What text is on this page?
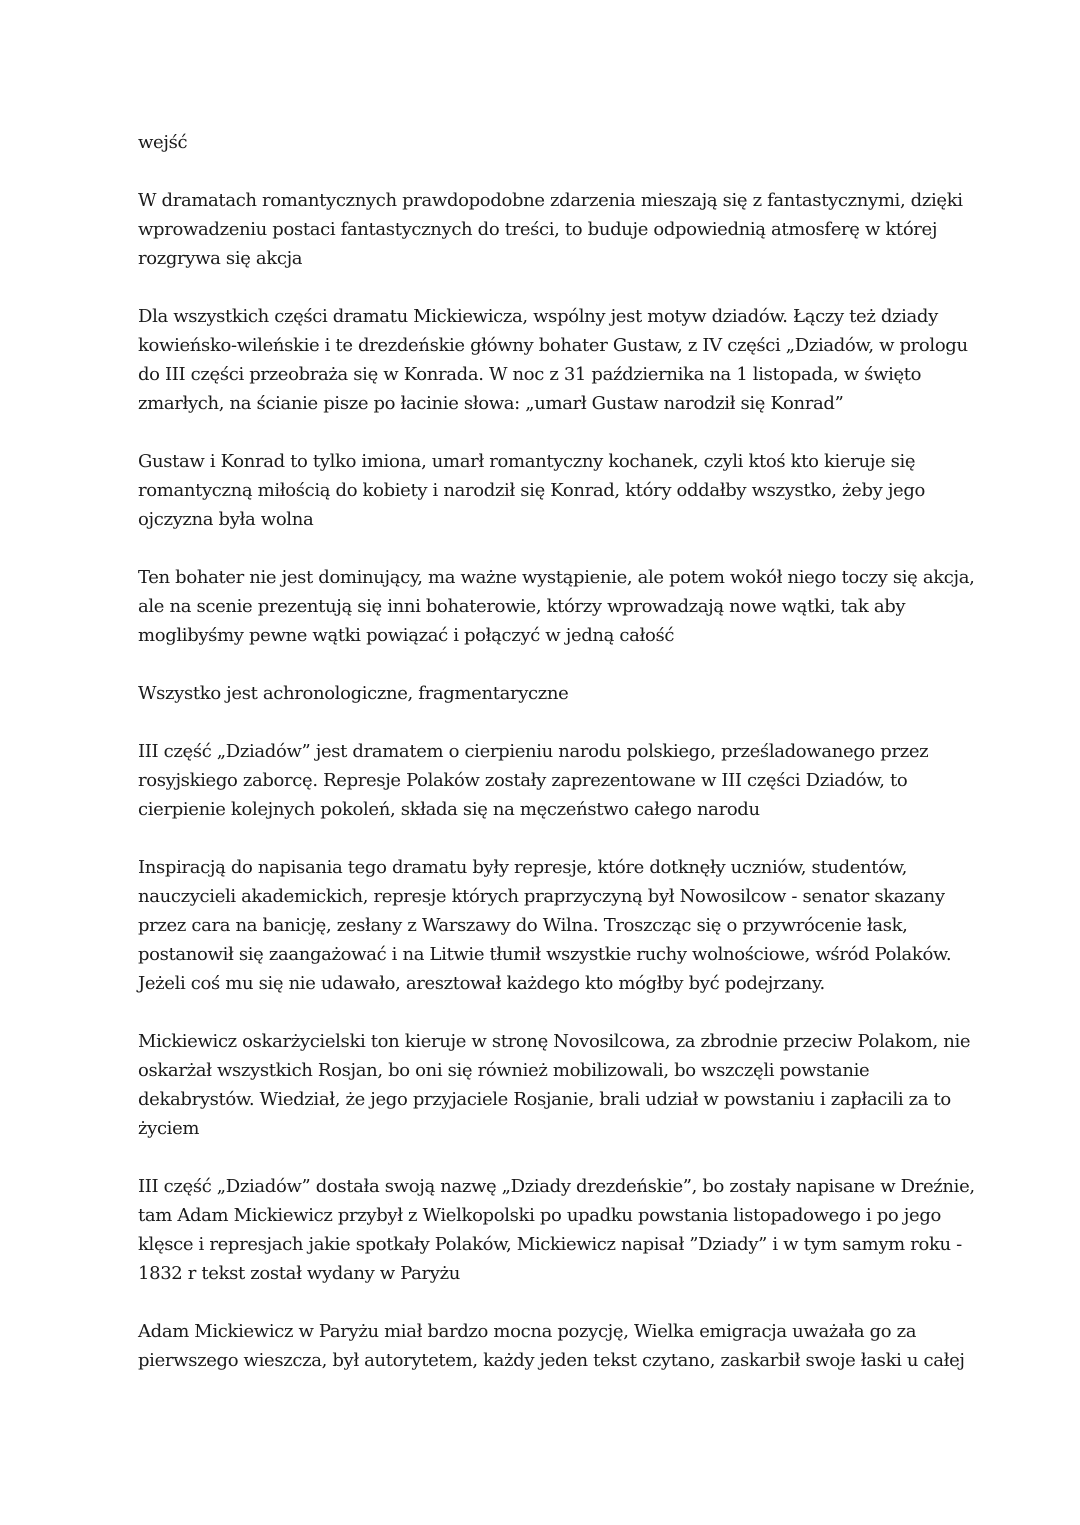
wejść

W dramatach romantycznych prawdopodobne zdarzenia mieszają się z fantastycznymi, dzięki
wprowadzeniu postaci fantastycznych do treści, to buduje odpowiednią atmosferę w której
rozgrywa się akcja

Dla wszystkich części dramatu Mickiewicza, wspólny jest motyw dziadów. Łączy też dziady
kowieńsko-wileńskie i te drezdeńskie główny bohater Gustaw, z IV części „Dziadów, w prologu
do III części przeobraża się w Konrada. W noc z 31 października na 1 listopada, w święto
zmarłych, na ścianie pisze po łacinie słowa: „umarł Gustaw narodził się Konrad”

Gustaw i Konrad to tylko imiona, umarł romantyczny kochanek, czyli ktoś kto kieruje się
romantyczną miłością do kobiety i narodził się Konrad, który oddałby wszystko, żeby jego
ojczyzna była wolna

Ten bohater nie jest dominujący, ma ważne wystąpienie, ale potem wokół niego toczy się akcja,
ale na scenie prezentują się inni bohaterowie, którzy wprowadzają nowe wątki, tak aby
moglibyśmy pewne wątki powiązać i połączyć w jedną całość

Wszystko jest achronologiczne, fragmentaryczne

III część „Dziadów” jest dramatem o cierpieniu narodu polskiego, prześladowanego przez
rosyjskiego zaborcę. Represje Polaków zostały zaprezentowane w III części Dziadów, to
cierpienie kolejnych pokoleń, składa się na męczeństwo całego narodu

Inspiracją do napisania tego dramatu były represje, które dotknęły uczniów, studentów,
nauczycieli akademickich, represje których praprzyczyną był Nowosilcow - senator skazany
przez cara na banicję, zesłany z Warszawy do Wilna. Troszcząc się o przywrócenie łask,
postanowił się zaangażować i na Litwie tłumił wszystkie ruchy wolnościowe, wśród Polaków.
Jeżeli coś mu się nie udawało, aresztował każdego kto mógłby być podejrzany.

Mickiewicz oskarżycielski ton kieruje w stronę Novosilcowa, za zbrodnie przeciw Polakom, nie
oskarżał wszystkich Rosjan, bo oni się również mobilizowali, bo wszczęli powstanie
dekabrystów. Wiedział, że jego przyjaciele Rosjanie, brali udział w powstaniu i zapłacili za to
życiem

III część „Dziadów” dostała swoją nazwę „Dziady drezdeńskie”, bo zostały napisane w Dreźnie,
tam Adam Mickiewicz przybył z Wielkopolski po upadku powstania listopadowego i po jego
klęsce i represjach jakie spotkały Polaków, Mickiewicz napisał ”Dziady” i w tym samym roku -
1832 r tekst został wydany w Paryżu

Adam Mickiewicz w Paryżu miał bardzo mocna pozycję, Wielka emigracja uważała go za
pierwszego wieszcza, był autorytetem, każdy jeden tekst czytano, zaskarbił swoje łaski u całej
